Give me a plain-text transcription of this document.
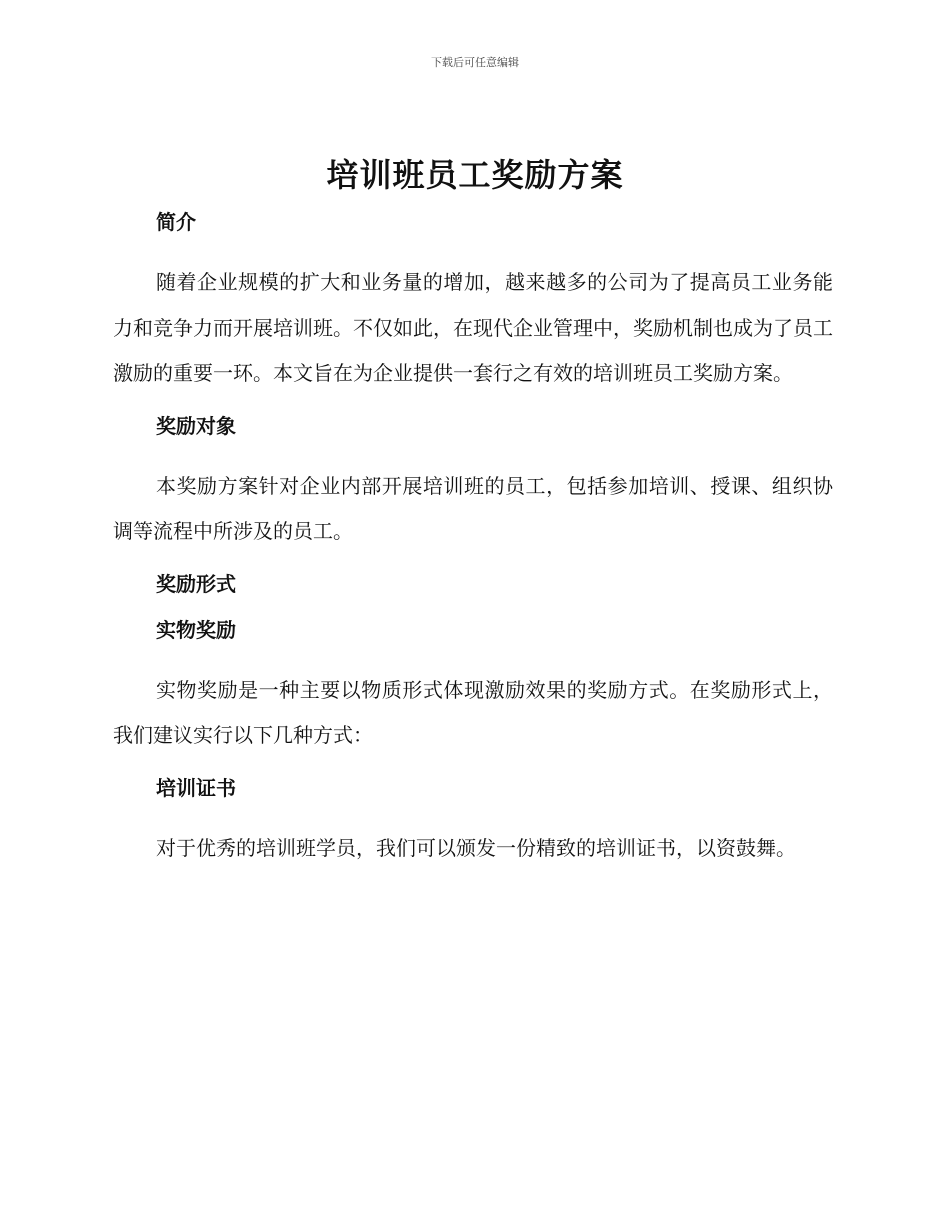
下载后可任意编辑
培训班员工奖励方案

简介

随着企业规模的扩大和业务量的增加，越来越多的公司为了提高员工业务能力和竞争力而开展培训班。不仅如此，在现代企业管理中，奖励机制也成为了员工激励的重要一环。本文旨在为企业提供一套行之有效的培训班员工奖励方案。

奖励对象

本奖励方案针对企业内部开展培训班的员工，包括参加培训、授课、组织协调等流程中所涉及的员工。

奖励形式

实物奖励

实物奖励是一种主要以物质形式体现激励效果的奖励方式。在奖励形式上，我们建议实行以下几种方式：

培训证书

对于优秀的培训班学员，我们可以颁发一份精致的培训证书，以资鼓舞。
